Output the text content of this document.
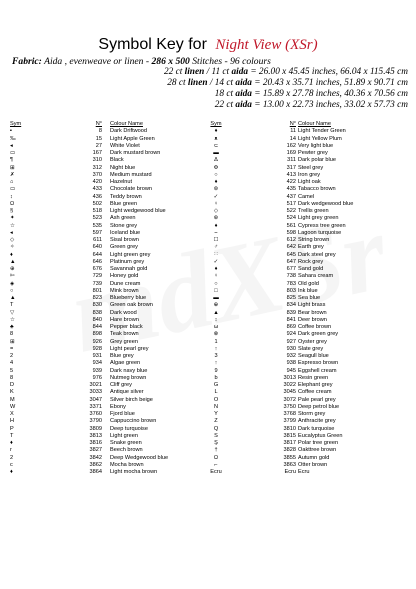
Symbol Key for Night View (XSr)
Fabric: Aida , evenweave or linen - 286 x 500 Stitches - 96 colours
22 ct linen / 11 ct aida = 26.00 x 45.45 inches, 66.04 x 115.45 cm
28 ct linen / 14 ct aida = 20.43 x 35.71 inches, 51.89 x 90.71 cm
18 ct aida = 15.89 x 27.78 inches, 40.36 x 70.56 cm
22 ct aida = 13.00 x 22.73 inches, 33.02 x 57.73 cm
Sym	N° Colour Name	Sym	N° Colour Name
▪	8 Dark Driftwood	♦	11 Light Tender Green
‰	15 Light Apple Green	ᴥ	14 Light Yellow Plum
◂	27 White Violet	⊂	162 Very light blue
▭	167 Dark mustard brown	▬	169 Pewter grey
¶	310 Black	Δ	311 Dark polar blue
⊞	312 Night blue	Φ	317 Steel grey
✗	370 Medium mustard	○	413 Iron grey
⌂	420 Hazelnut	♦	422 Light oak
▭	433 Chocolate brown	⊚	435 Tabacco brown
↕	436 Teddy brown	✓	437 Camel
Ω	502 Blue green	♀	517 Dark wedgewood blue
§	518 Light wedgewood blue	◇	522 Trellis green
✦	523 Ash green	⊛	524 Light grey green
☆	535 Stone grey	♦	561 Cypress tree green
◂	597 Iceland blue	⌢	598 Lagoon turquoise
◇	611 Sisal brown	☐	612 String brown
✧	640 Green grey	♂	642 Earth grey
♦	644 Light green grey	∷	645 Dark steel grey
▲	646 Platinum grey	✓	647 Rock grey
⊕	676 Savannah gold	♦	677 Sand gold
✄	729 Honey gold	♀	738 Sahara cream
◈	739 Dune cream	○	783 Old gold
○	801 Mink brown	□	803 Ink blue
▲	823 Blueberry blue	▬	825 Sea blue
T	830 Green oak brown	⊕	834 Light brass
▽	838 Dark wood	▲	839 Bear brown
☆	840 Hare brown	↕	841 Deer brown
♣	844 Pepper black	ω	869 Coffee brown
8	898 Teak brown	⊗	924 Dark green grey
⊞	926 Grey green	1	927 Oyster grey
=	928 Light pearl grey	↑	930 Slate grey
2	931 Blue grey	3	932 Seagull blue
4	934 Algae green	↑	938 Espresso brown
5	939 Dark navy blue	9	945 Eggshell cream
8	976 Nutmeg brown	b	3013 Resin green
D	3021 Cliff grey	G	3022 Elephant grey
K	3033 Antique silver	L	3045 Coffee cream
M	3047 Silver birch beige	O	3072 Pale pearl grey
W	3371 Ebony	N	3750 Deep petrol blue
X	3760 Fjord blue	Y	3768 Storm grey
H	3790 Cappuccino brown	Z	3799 Anthracite grey
P	3809 Deep turquoise	Q	3810 Dark turquoise
T	3813 Light green	S	3815 Eucalyptus Green
♦	3816 Snake green	Ş	3817 Polar tree green
r	3827 Beech brown	†	3828 Oakttree brown
2	3842 Deep Wedgewood blue	Ω	3855 Autumn gold
c	3862 Mocha brown	⌐	3863 Otter brown
♦	3864 Light mocha brown	Ecru	Ecru Ecru
